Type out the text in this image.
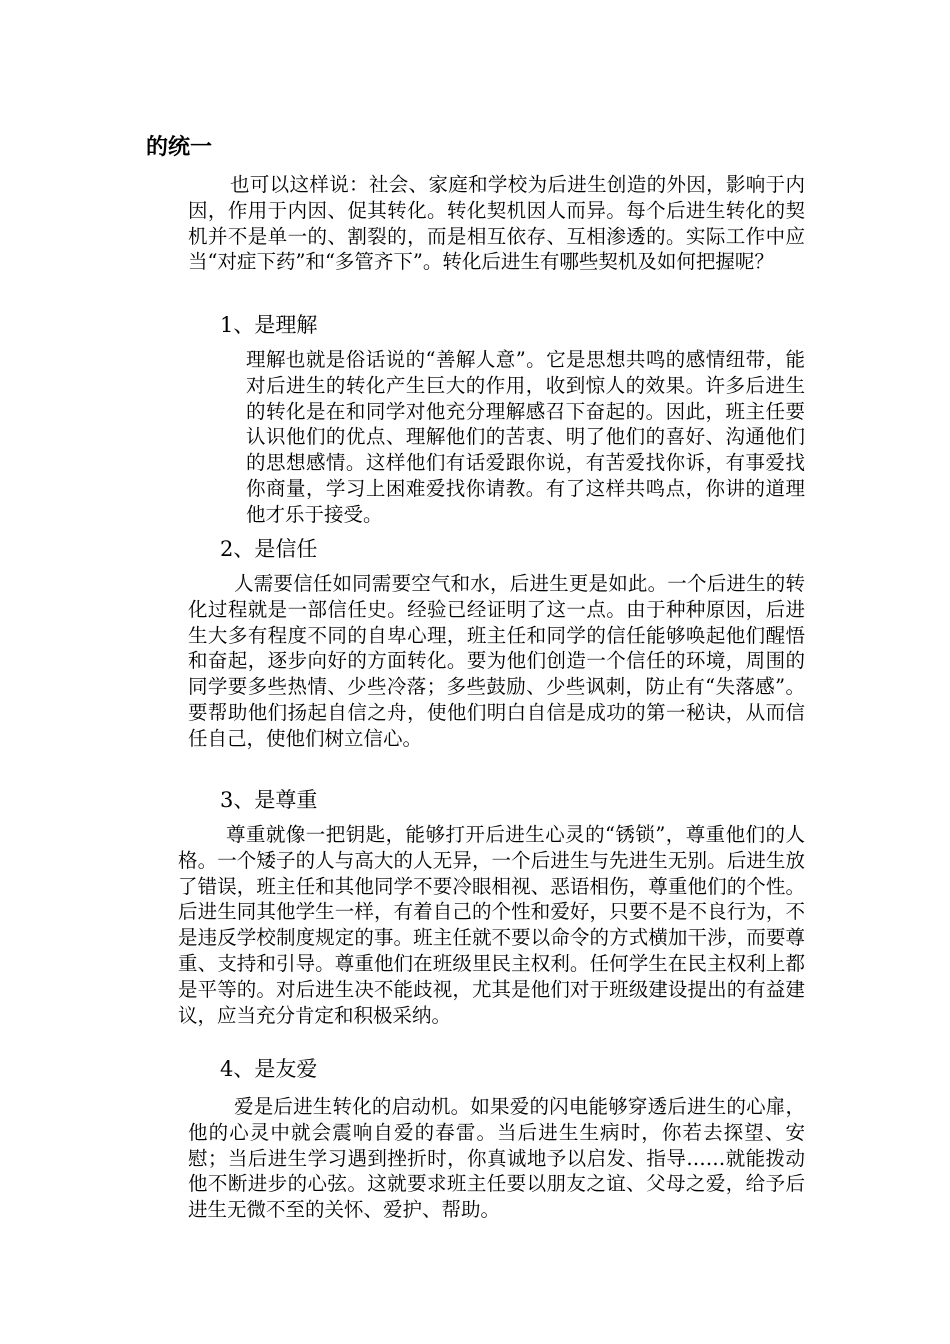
的统一

也可以这样说：社会、家庭和学校为后进生创造的外因，影响于内因，作用于内因、促其转化。转化契机因人而异。每个后进生转化的契机并不是单一的、割裂的，而是相互依存、互相渗透的。实际工作中应当“对症下药”和“多管齐下”。转化后进生有哪些契机及如何把握呢？

1、是理解

理解也就是俗话说的“善解人意”。它是思想共鸣的感情纽带，能对后进生的转化产生巨大的作用，收到惊人的效果。许多后进生的转化是在和同学对他充分理解感召下奋起的。因此，班主任要认识他们的优点、理解他们的苦衷、明了他们的喜好、沟通他们的思想感情。这样他们有话爱跟你说，有苦爱找你诉，有事爱找你商量，学习上困难爱找你请教。有了这样共鸣点，你讲的道理他才乐于接受。

2、是信任

人需要信任如同需要空气和水，后进生更是如此。一个后进生的转化过程就是一部信任史。经验已经证明了这一点。由于种种原因，后进生大多有程度不同的自卑心理，班主任和同学的信任能够唤起他们醒悟和奋起，逐步向好的方面转化。要为他们创造一个信任的环境，周围的同学要多些热情、少些冷落；多些鼓励、少些讽刺，防止有“失落感”。要帮助他们扬起自信之舟，使他们明白自信是成功的第一秘诀，从而信任自己，使他们树立信心。

3、是尊重

尊重就像一把钥匙，能够打开后进生心灵的“锈锁”，尊重他们的人格。一个矮子的人与高大的人无异，一个后进生与先进生无别。后进生放了错误，班主任和其他同学不要冷眼相视、恶语相伤，尊重他们的个性。后进生同其他学生一样，有着自己的个性和爱好，只要不是不良行为，不是违反学校制度规定的事。班主任就不要以命令的方式横加干涉，而要尊重、支持和引导。尊重他们在班级里民主权利。任何学生在民主权利上都是平等的。对后进生决不能歧视，尤其是他们对于班级建设提出的有益建议，应当充分肯定和积极采纳。

4、是友爱

爱是后进生转化的启动机。如果爱的闪电能够穿透后进生的心扉，他的心灵中就会震响自爱的春雷。当后进生生病时，你若去探望、安慰；当后进生学习遇到挫折时，你真诚地予以启发、指导……就能拨动他不断进步的心弦。这就要求班主任要以朋友之谊、父母之爱，给予后进生无微不至的关怀、爱护、帮助。
